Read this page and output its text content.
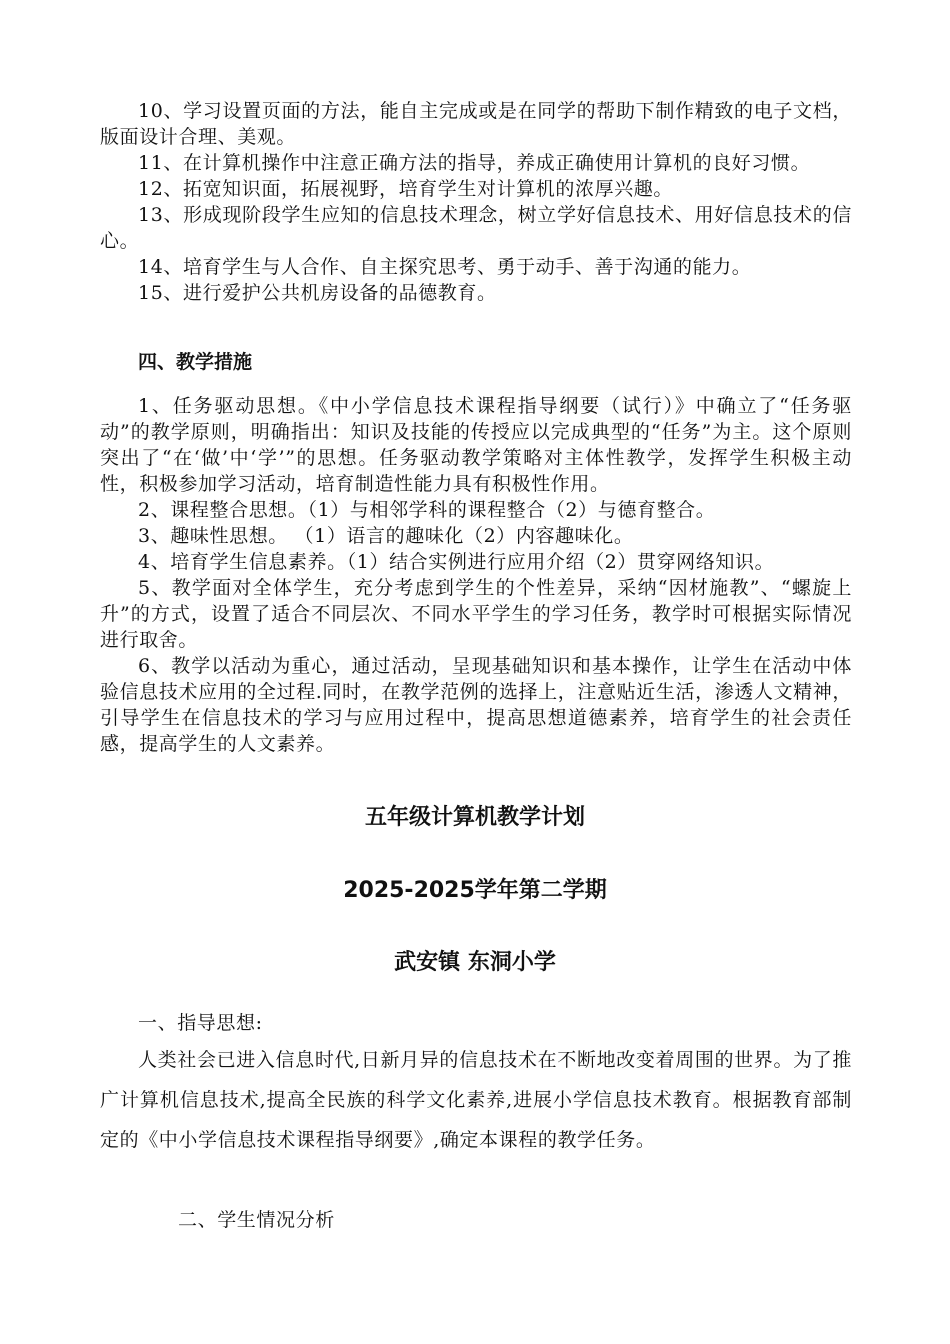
10、学习设置页面的方法，能自主完成或是在同学的帮助下制作精致的电子文档，版面设计合理、美观。

11、在计算机操作中注意正确方法的指导，养成正确使用计算机的良好习惯。

12、拓宽知识面，拓展视野，培育学生对计算机的浓厚兴趣。

13、形成现阶段学生应知的信息技术理念，树立学好信息技术、用好信息技术的信心。

14、培育学生与人合作、自主探究思考、勇于动手、善于沟通的能力。

15、进行爱护公共机房设备的品德教育。

四、教学措施

1、任务驱动思想。《中小学信息技术课程指导纲要（试行）》中确立了“任务驱动”的教学原则，明确指出：知识及技能的传授应以完成典型的“任务”为主。这个原则突出了“在‘做’中‘学’”的思想。任务驱动教学策略对主体性教学，发挥学生积极主动性，积极参加学习活动，培育制造性能力具有积极性作用。

2、课程整合思想。（1）与相邻学科的课程整合（2）与德育整合。

3、趣味性思想。 （1）语言的趣味化（2）内容趣味化。

4、培育学生信息素养。（1）结合实例进行应用介绍（2）贯穿网络知识。

5、教学面对全体学生，充分考虑到学生的个性差异，采纳“因材施教”、“螺旋上升”的方式，设置了适合不同层次、不同水平学生的学习任务，教学时可根据实际情况进行取舍。

6、教学以活动为重心，通过活动，呈现基础知识和基本操作，让学生在活动中体验信息技术应用的全过程.同时，在教学范例的选择上，注意贴近生活，渗透人文精神，引导学生在信息技术的学习与应用过程中，提高思想道德素养，培育学生的社会责任感，提高学生的人文素养。

五年级计算机教学计划

2025-2025学年第二学期

武安镇 东洞小学

一、指导思想:

人类社会已进入信息时代,日新月异的信息技术在不断地改变着周围的世界。为了推广计算机信息技术,提高全民族的科学文化素养,进展小学信息技术教育。根据教育部制定的《中小学信息技术课程指导纲要》,确定本课程的教学任务。

二、学生情况分析
